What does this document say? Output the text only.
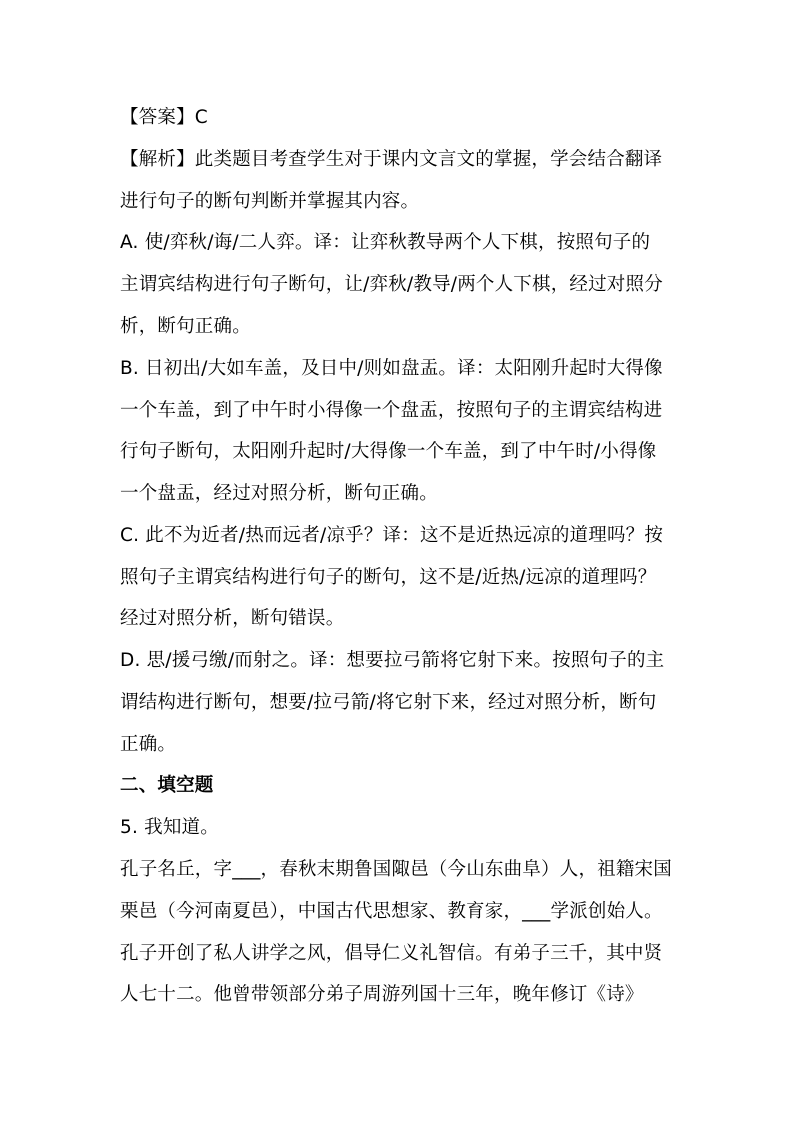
【答案】C
【解析】此类题目考查学生对于课内文言文的掌握，学会结合翻译
进行句子的断句判断并掌握其内容。
A. 使/弈秋/诲/二人弈。译：让弈秋教导两个人下棋，按照句子的
主谓宾结构进行句子断句，让/弈秋/教导/两个人下棋，经过对照分
析，断句正确。
B. 日初出/大如车盖，及日中/则如盘盂。译：太阳刚升起时大得像
一个车盖，到了中午时小得像一个盘盂，按照句子的主谓宾结构进
行句子断句，太阳刚升起时/大得像一个车盖，到了中午时/小得像
一个盘盂，经过对照分析，断句正确。
C. 此不为近者/热而远者/凉乎？译：这不是近热远凉的道理吗？按
照句子主谓宾结构进行句子的断句，这不是/近热/远凉的道理吗？
经过对照分析，断句错误。
D. 思/援弓缴/而射之。译：想要拉弓箭将它射下来。按照句子的主
谓结构进行断句，想要/拉弓箭/将它射下来，经过对照分析，断句
正确。
二、填空题
5. 我知道。
孔子名丘，字___，春秋末期鲁国陬邑（今山东曲阜）人，祖籍宋国
栗邑（今河南夏邑），中国古代思想家、教育家，___学派创始人。
孔子开创了私人讲学之风，倡导仁义礼智信。有弟子三千，其中贤
人七十二。他曾带领部分弟子周游列国十三年，晚年修订《诗》
